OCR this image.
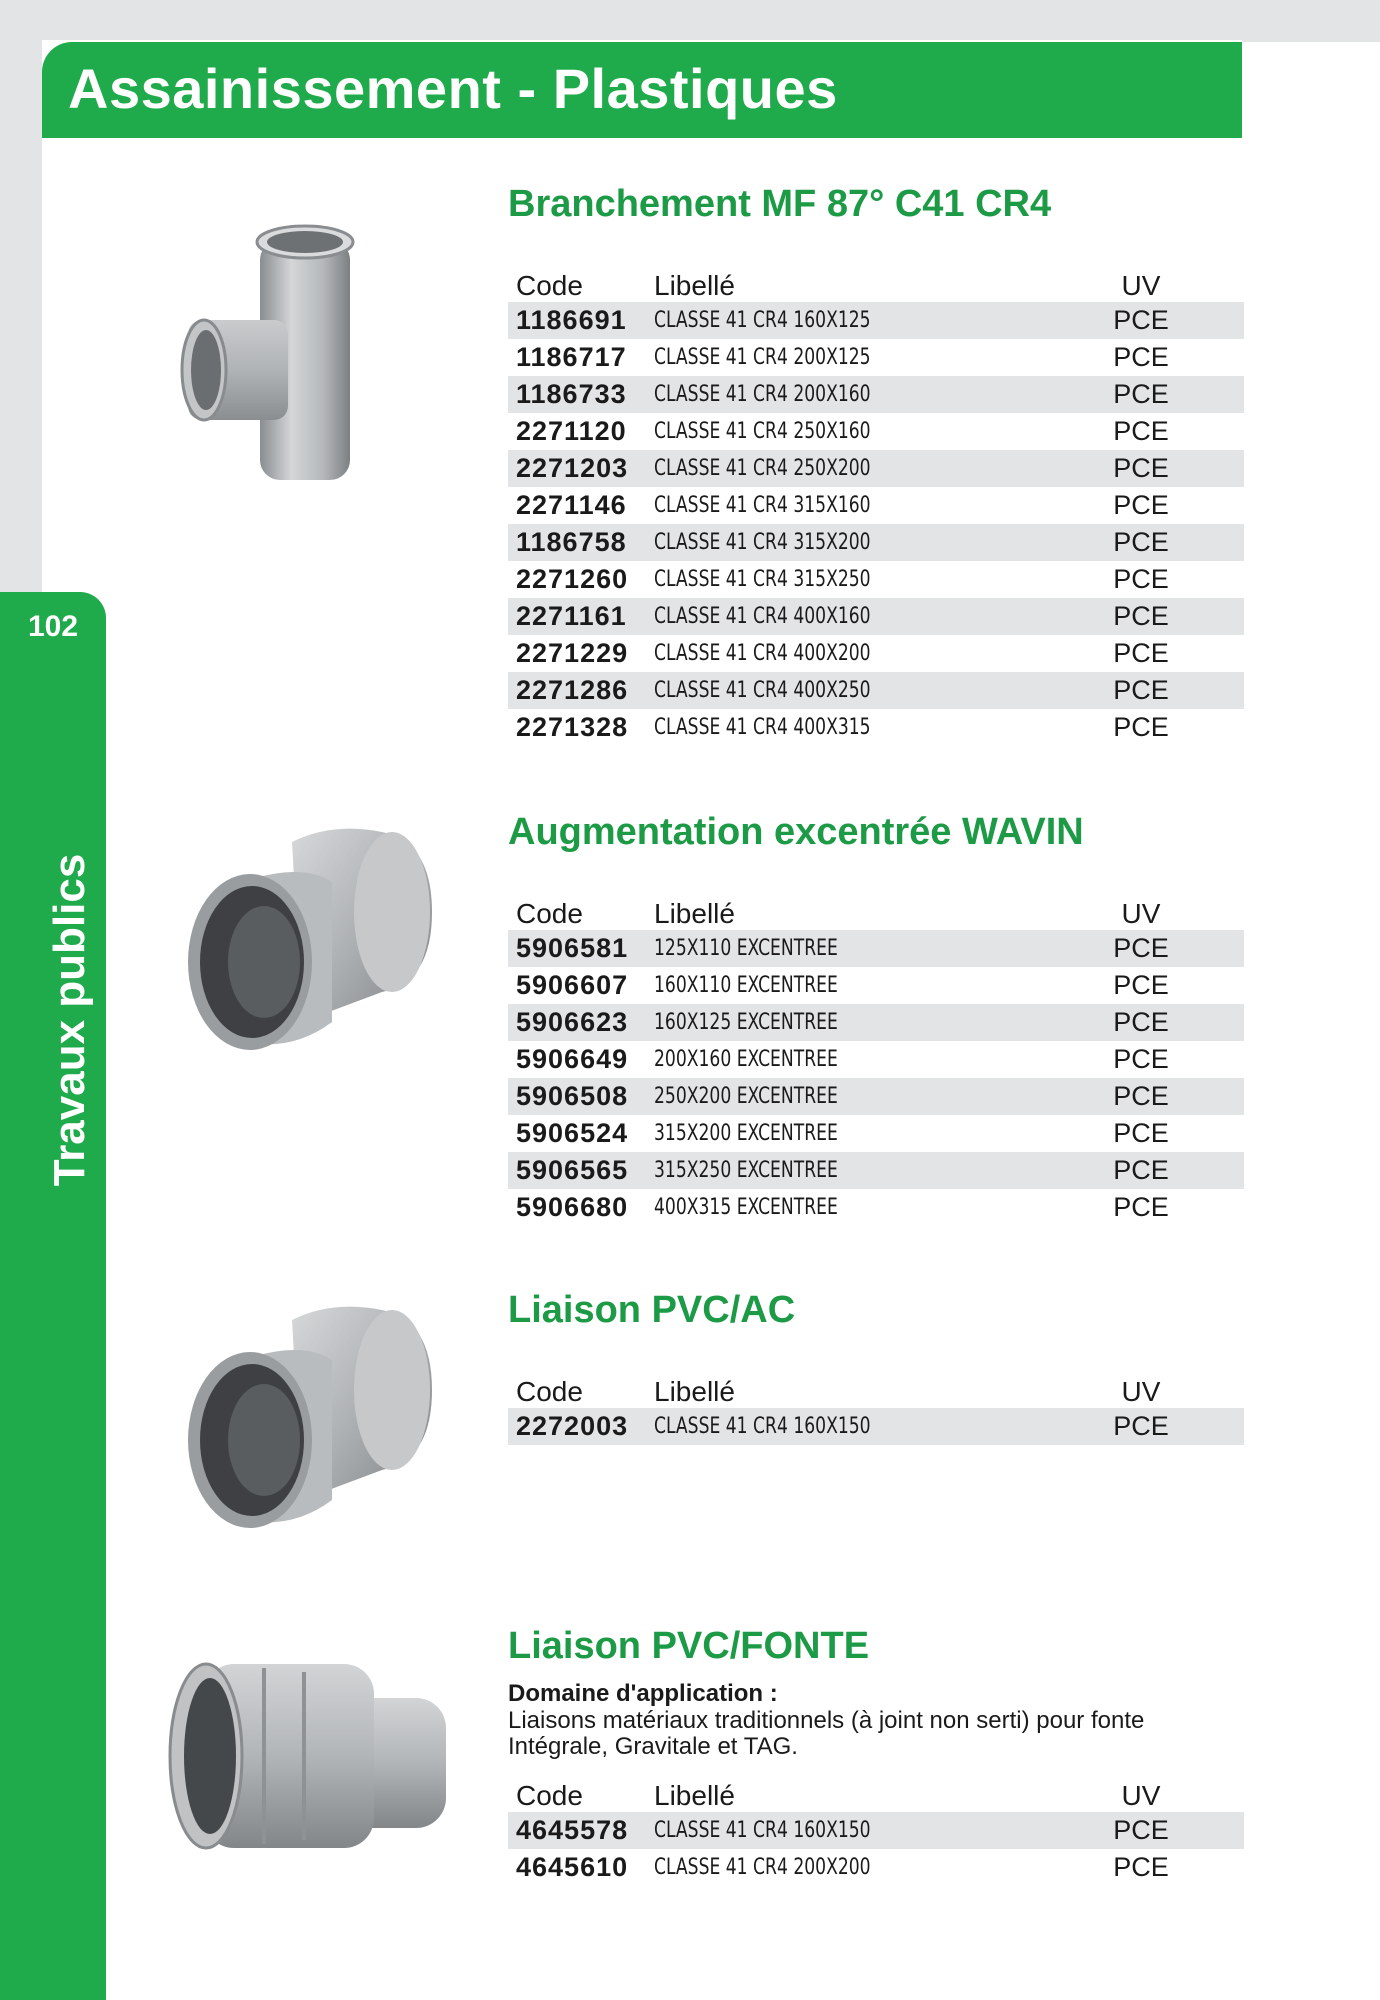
Assainissement - Plastiques
102
Travaux publics
Branchement MF 87° C41 CR4
Code	Libellé	UV
1186691	CLASSE 41 CR4 160X125	PCE
1186717	CLASSE 41 CR4 200X125	PCE
1186733	CLASSE 41 CR4 200X160	PCE
2271120	CLASSE 41 CR4 250X160	PCE
2271203	CLASSE 41 CR4 250X200	PCE
2271146	CLASSE 41 CR4 315X160	PCE
1186758	CLASSE 41 CR4 315X200	PCE
2271260	CLASSE 41 CR4 315X250	PCE
2271161	CLASSE 41 CR4 400X160	PCE
2271229	CLASSE 41 CR4 400X200	PCE
2271286	CLASSE 41 CR4 400X250	PCE
2271328	CLASSE 41 CR4 400X315	PCE
Augmentation excentrée WAVIN
Code	Libellé	UV
5906581	125X110 EXCENTREE	PCE
5906607	160X110 EXCENTREE	PCE
5906623	160X125 EXCENTREE	PCE
5906649	200X160 EXCENTREE	PCE
5906508	250X200 EXCENTREE	PCE
5906524	315X200 EXCENTREE	PCE
5906565	315X250 EXCENTREE	PCE
5906680	400X315 EXCENTREE	PCE
Liaison PVC/AC
Code	Libellé	UV
2272003	CLASSE 41 CR4 160X150	PCE
Liaison PVC/FONTE
Domaine d'application :
Liaisons matériaux traditionnels (à joint non serti) pour fonte Intégrale, Gravitale et TAG.
Code	Libellé	UV
4645578	CLASSE 41 CR4 160X150	PCE
4645610	CLASSE 41 CR4 200X200	PCE
